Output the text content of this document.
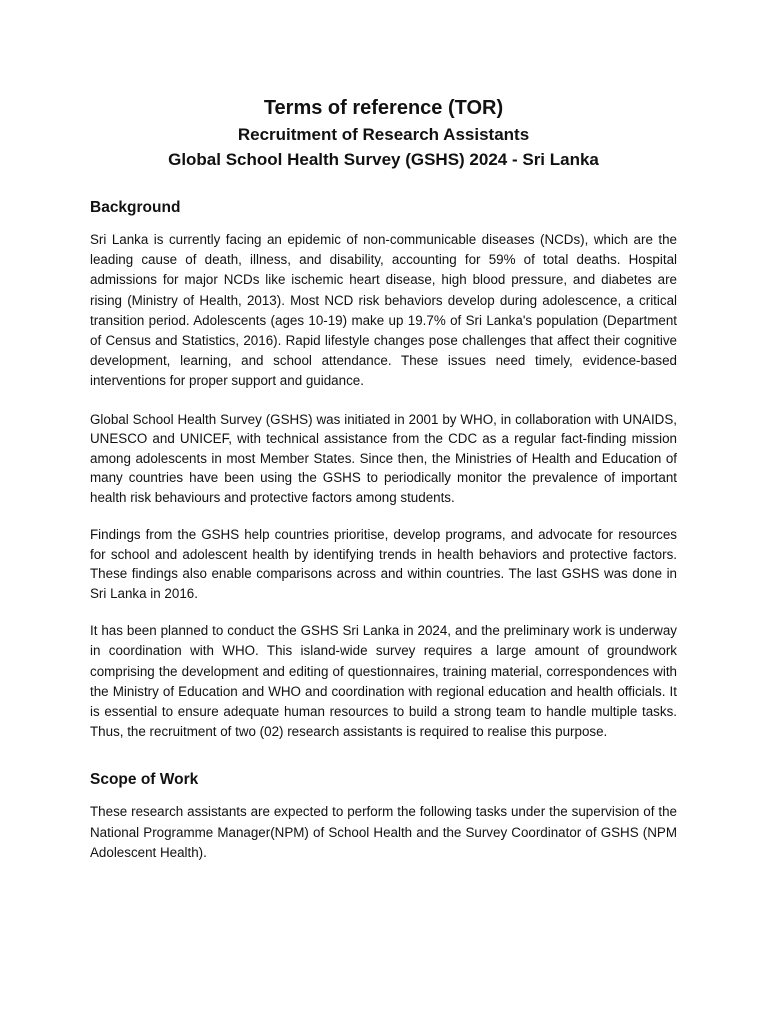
Terms of reference (TOR)

Recruitment of Research Assistants

Global School Health Survey (GSHS) 2024 - Sri Lanka

Background

Sri Lanka is currently facing an epidemic of non-communicable diseases (NCDs), which are the leading cause of death, illness, and disability, accounting for 59% of total deaths. Hospital admissions for major NCDs like ischemic heart disease, high blood pressure, and diabetes are rising (Ministry of Health, 2013). Most NCD risk behaviors develop during adolescence, a critical transition period. Adolescents (ages 10-19) make up 19.7% of Sri Lanka's population (Department of Census and Statistics, 2016). Rapid lifestyle changes pose challenges that affect their cognitive development, learning, and school attendance. These issues need timely, evidence-based interventions for proper support and guidance.

Global School Health Survey (GSHS) was initiated in 2001 by WHO, in collaboration with UNAIDS, UNESCO and UNICEF, with technical assistance from the CDC as a regular fact-finding mission among adolescents in most Member States. Since then, the Ministries of Health and Education of many countries have been using the GSHS to periodically monitor the prevalence of important health risk behaviours and protective factors among students.

Findings from the GSHS help countries prioritise, develop programs, and advocate for resources for school and adolescent health by identifying trends in health behaviors and protective factors. These findings also enable comparisons across and within countries. The last GSHS was done in Sri Lanka in 2016.

It has been planned to conduct the GSHS Sri Lanka in 2024, and the preliminary work is underway in coordination with WHO. This island-wide survey requires a large amount of groundwork comprising the development and editing of questionnaires, training material, correspondences with the Ministry of Education and WHO and coordination with regional education and health officials. It is essential to ensure adequate human resources to build a strong team to handle multiple tasks. Thus, the recruitment of two (02) research assistants is required to realise this purpose.

Scope of Work

These research assistants are expected to perform the following tasks under the supervision of the National Programme Manager(NPM) of School Health and the Survey Coordinator of GSHS (NPM Adolescent Health).
